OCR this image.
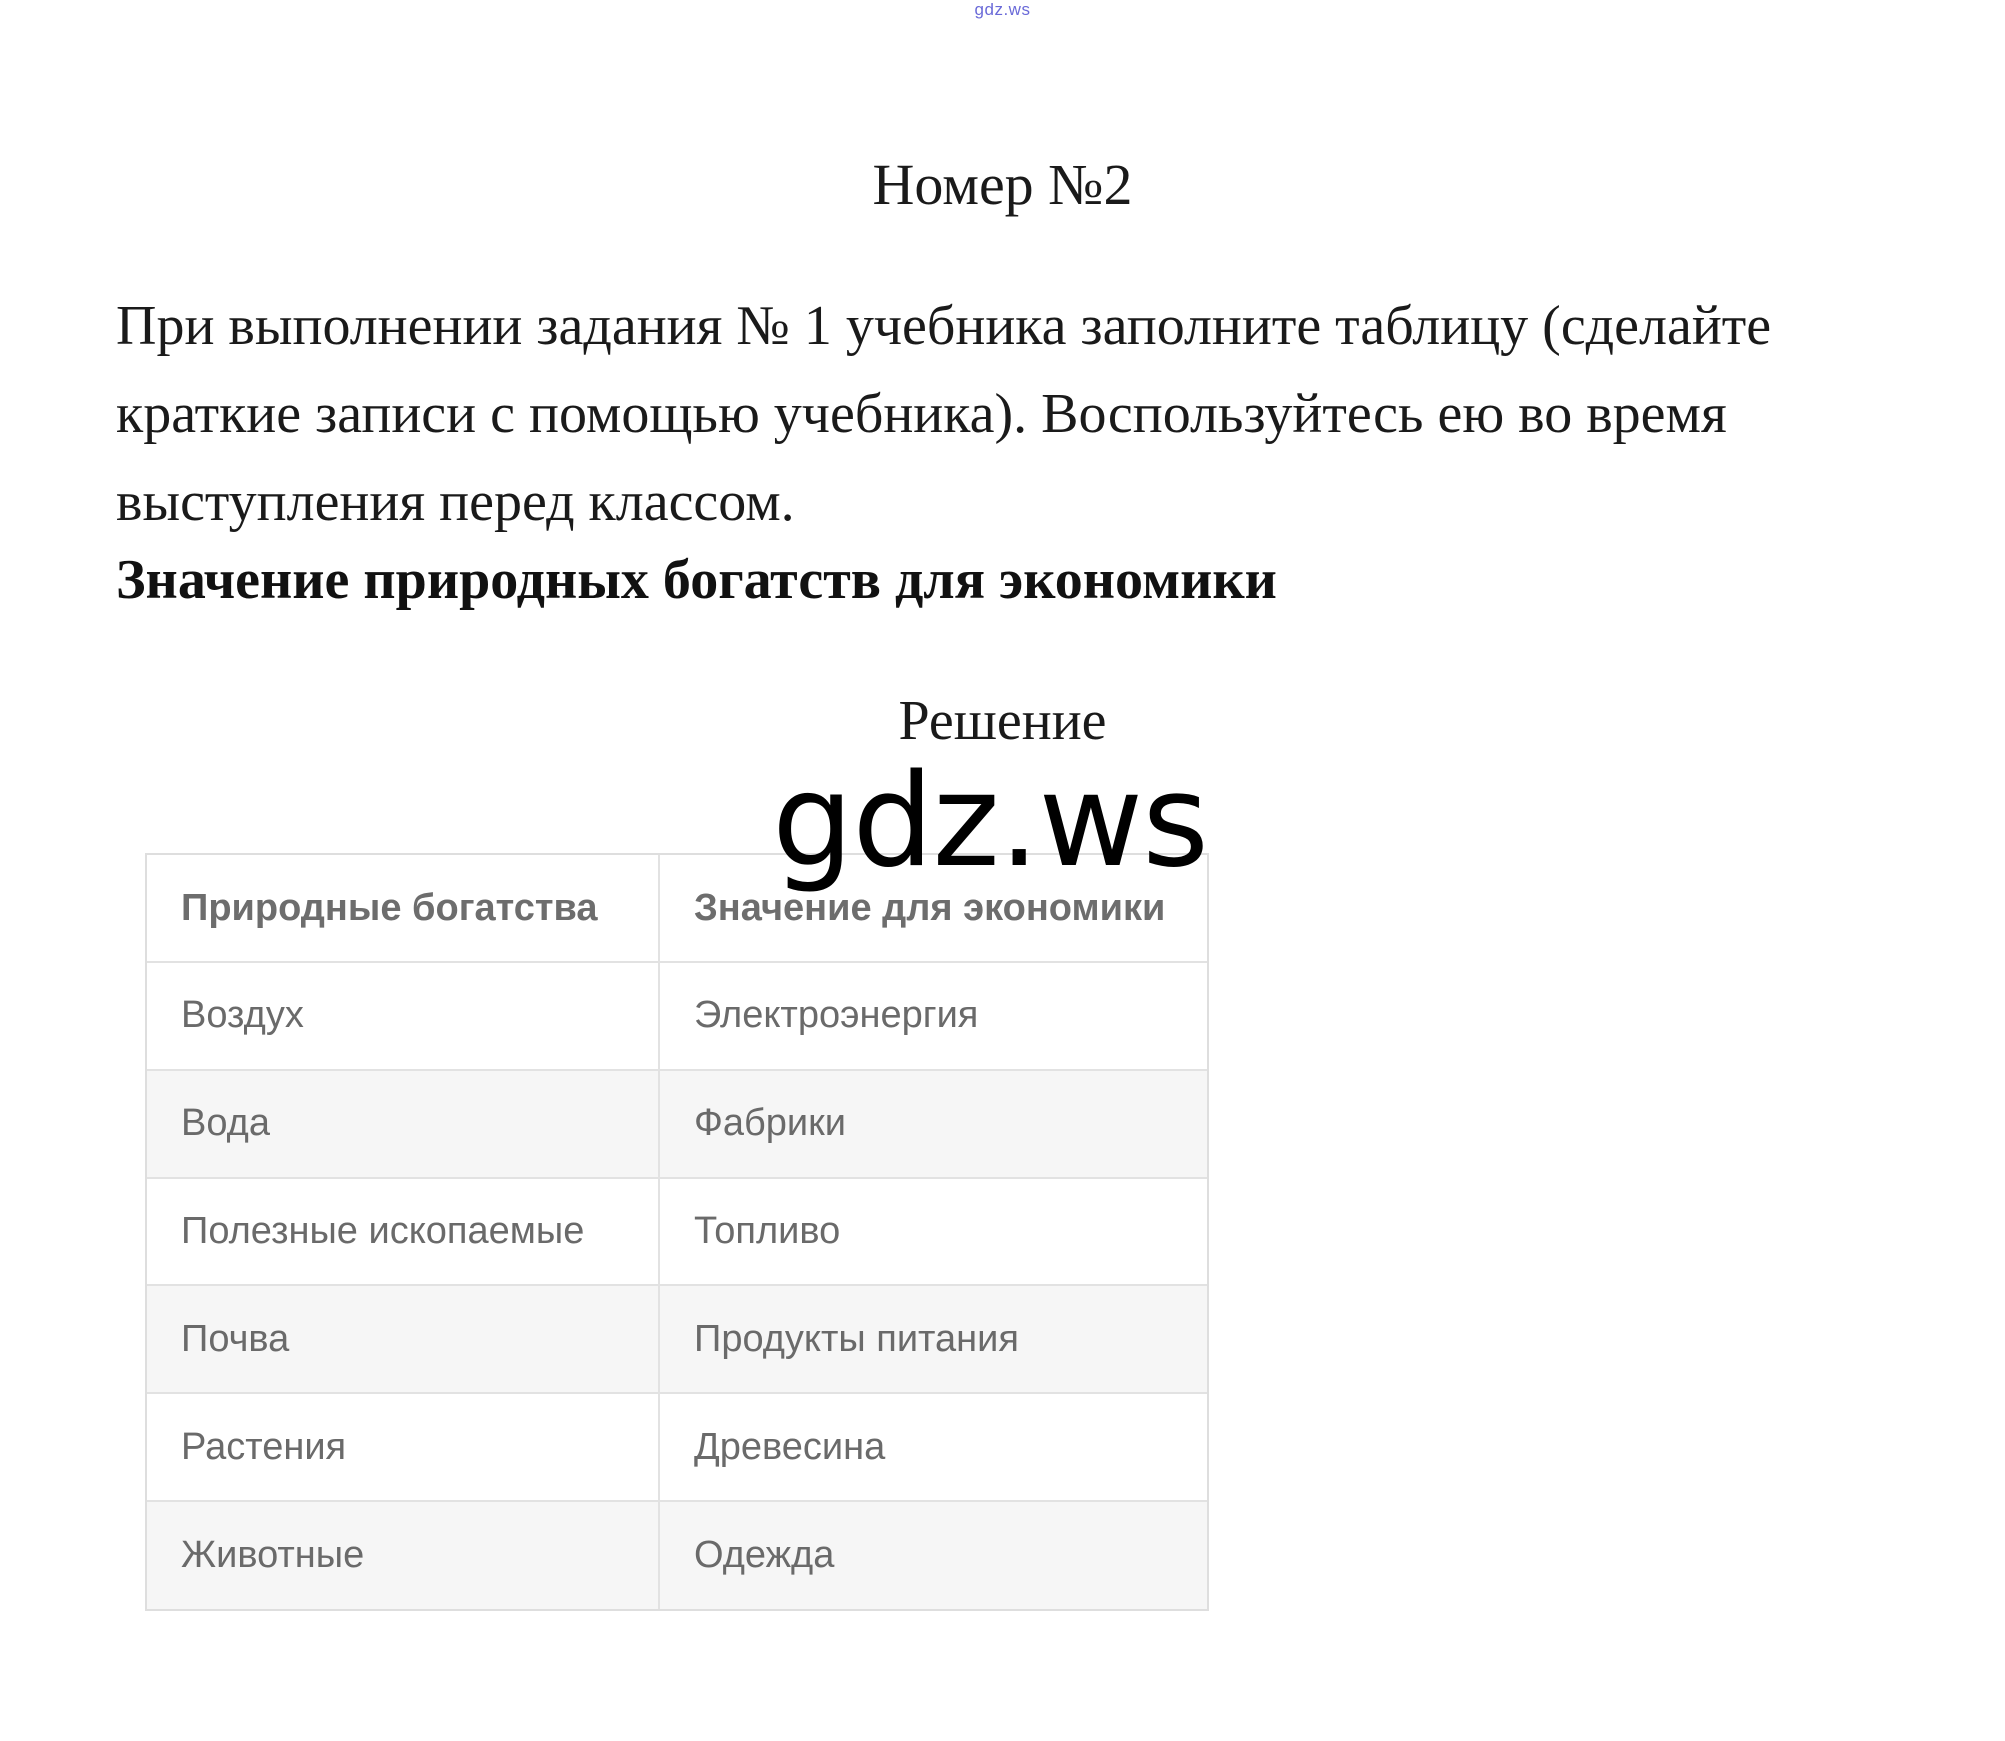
gdz.ws
Номер №2

При выполнении задания № 1 учебника заполните таблицу (сделайте
краткие записи с помощью учебника). Воспользуйтесь ею во время
выступления перед классом.

Значение природных богатств для экономики

Решение
gdz.ws
Природные богатства	Значение для экономики
Воздух	Электроэнергия
Вода	Фабрики
Полезные ископаемые	Топливо
Почва	Продукты питания
Растения	Древесина
Животные	Одежда
